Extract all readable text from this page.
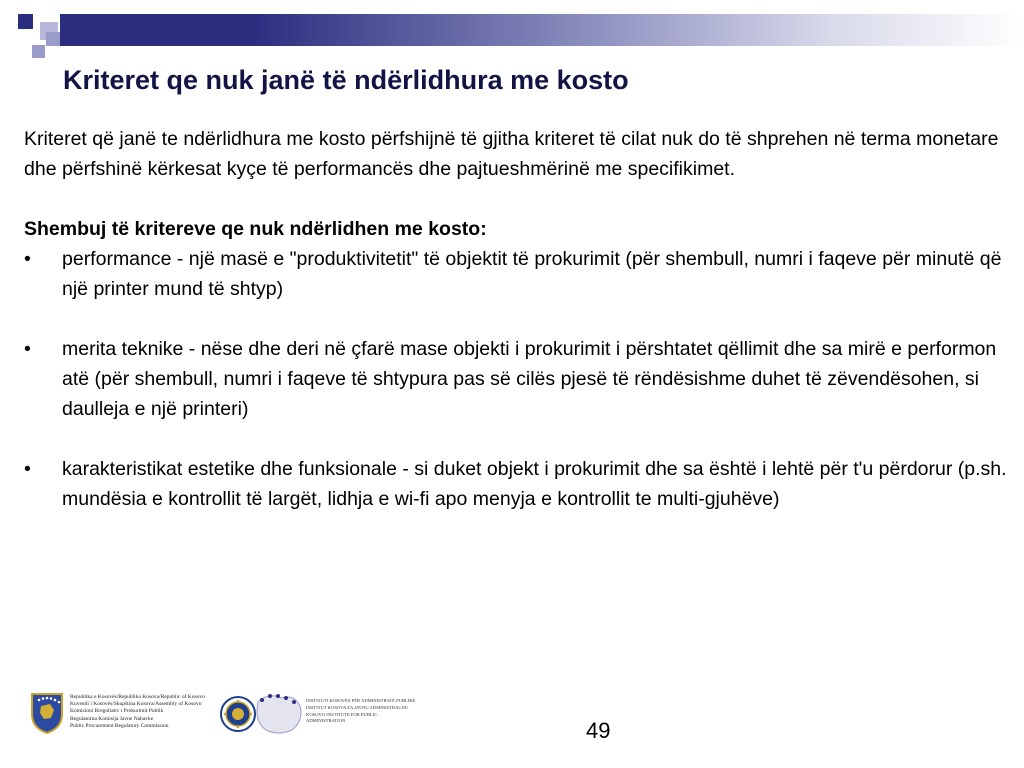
Kriteret qe nuk janë të ndërlidhura me kosto

Kriteret që janë te ndërlidhura me kosto përfshijnë të gjitha kriteret të cilat nuk do të shprehen në terma monetare dhe përfshinë kërkesat kyçe të performancës dhe pajtueshmërinë me specifikimet.

Shembuj të kritereve qe nuk ndërlidhen me kosto:

• performance - një masë e "produktivitetit" të objektit të prokurimit (për shembull, numri i faqeve për minutë që një printer mund të shtyp)
• merita teknike - nëse dhe deri në çfarë mase objekti i prokurimit i përshtatet qëllimit dhe sa mirë e performon atë (për shembull, numri i faqeve të shtypura pas së cilës pjesë të rëndësishme duhet të zëvendësohen, si daulleja e një printeri)
• karakteristikat estetike dhe funksionale - si duket objekt i prokurimit dhe sa është i lehtë për t'u përdorur (p.sh. mundësia e kontrollit të largët, lidhja e wi-fi apo menyja e kontrollit te multi-gjuhëve)
Republika e Kosovës/Republika Kosova/Republic of Kosovo
Kuvendi i Kosovës/Skupština Kosova/Assembly of Kosovo
Komisioni Rregullativ i Prokurimit Publik
Regulatorna Komisija Javne Nabavke
Public Procurement Regulatory Commission
INSTITUTI KOSOVËS PËR ADMINISTRATË PUBLIKE
INSTITUT KOSOVA ZA JAVNU ADMINISTRACIJU
KOSOVO INSTITUTE FOR PUBLIC ADMINISTRATION	49
